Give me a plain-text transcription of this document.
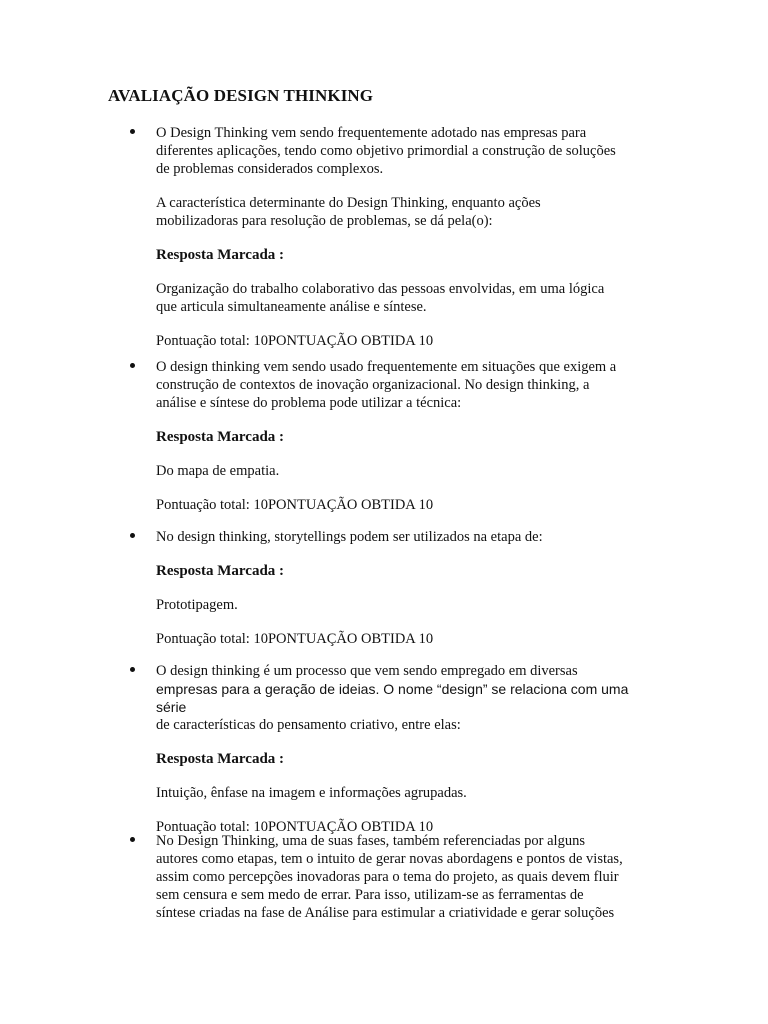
AVALIAÇÃO DESIGN THINKING

O Design Thinking vem sendo frequentemente adotado nas empresas para
diferentes aplicações, tendo como objetivo primordial a construção de soluções
de problemas considerados complexos.

A característica determinante do Design Thinking, enquanto ações
mobilizadoras para resolução de problemas, se dá pela(o):

Resposta Marcada :

Organização do trabalho colaborativo das pessoas envolvidas, em uma lógica
que articula simultaneamente análise e síntese.

Pontuação total: 10PONTUAÇÃO OBTIDA 10

O design thinking vem sendo usado frequentemente em situações que exigem a
construção de contextos de inovação organizacional. No design thinking, a
análise e síntese do problema pode utilizar a técnica:

Resposta Marcada :

Do mapa de empatia.

Pontuação total: 10PONTUAÇÃO OBTIDA 10

No design thinking, storytellings podem ser utilizados na etapa de:

Resposta Marcada :

Prototipagem.

Pontuação total: 10PONTUAÇÃO OBTIDA 10

O design thinking é um processo que vem sendo empregado em diversas

empresas para a geração de ideias. O nome “design” se relaciona com uma série

de características do pensamento criativo, entre elas:

Resposta Marcada :

Intuição, ênfase na imagem e informações agrupadas.

Pontuação total: 10PONTUAÇÃO OBTIDA 10

No Design Thinking, uma de suas fases, também referenciadas por alguns
autores como etapas, tem o intuito de gerar novas abordagens e pontos de vistas,
assim como percepções inovadoras para o tema do projeto, as quais devem fluir
sem censura e sem medo de errar. Para isso, utilizam-se as ferramentas de
síntese criadas na fase de Análise para estimular a criatividade e gerar soluções
